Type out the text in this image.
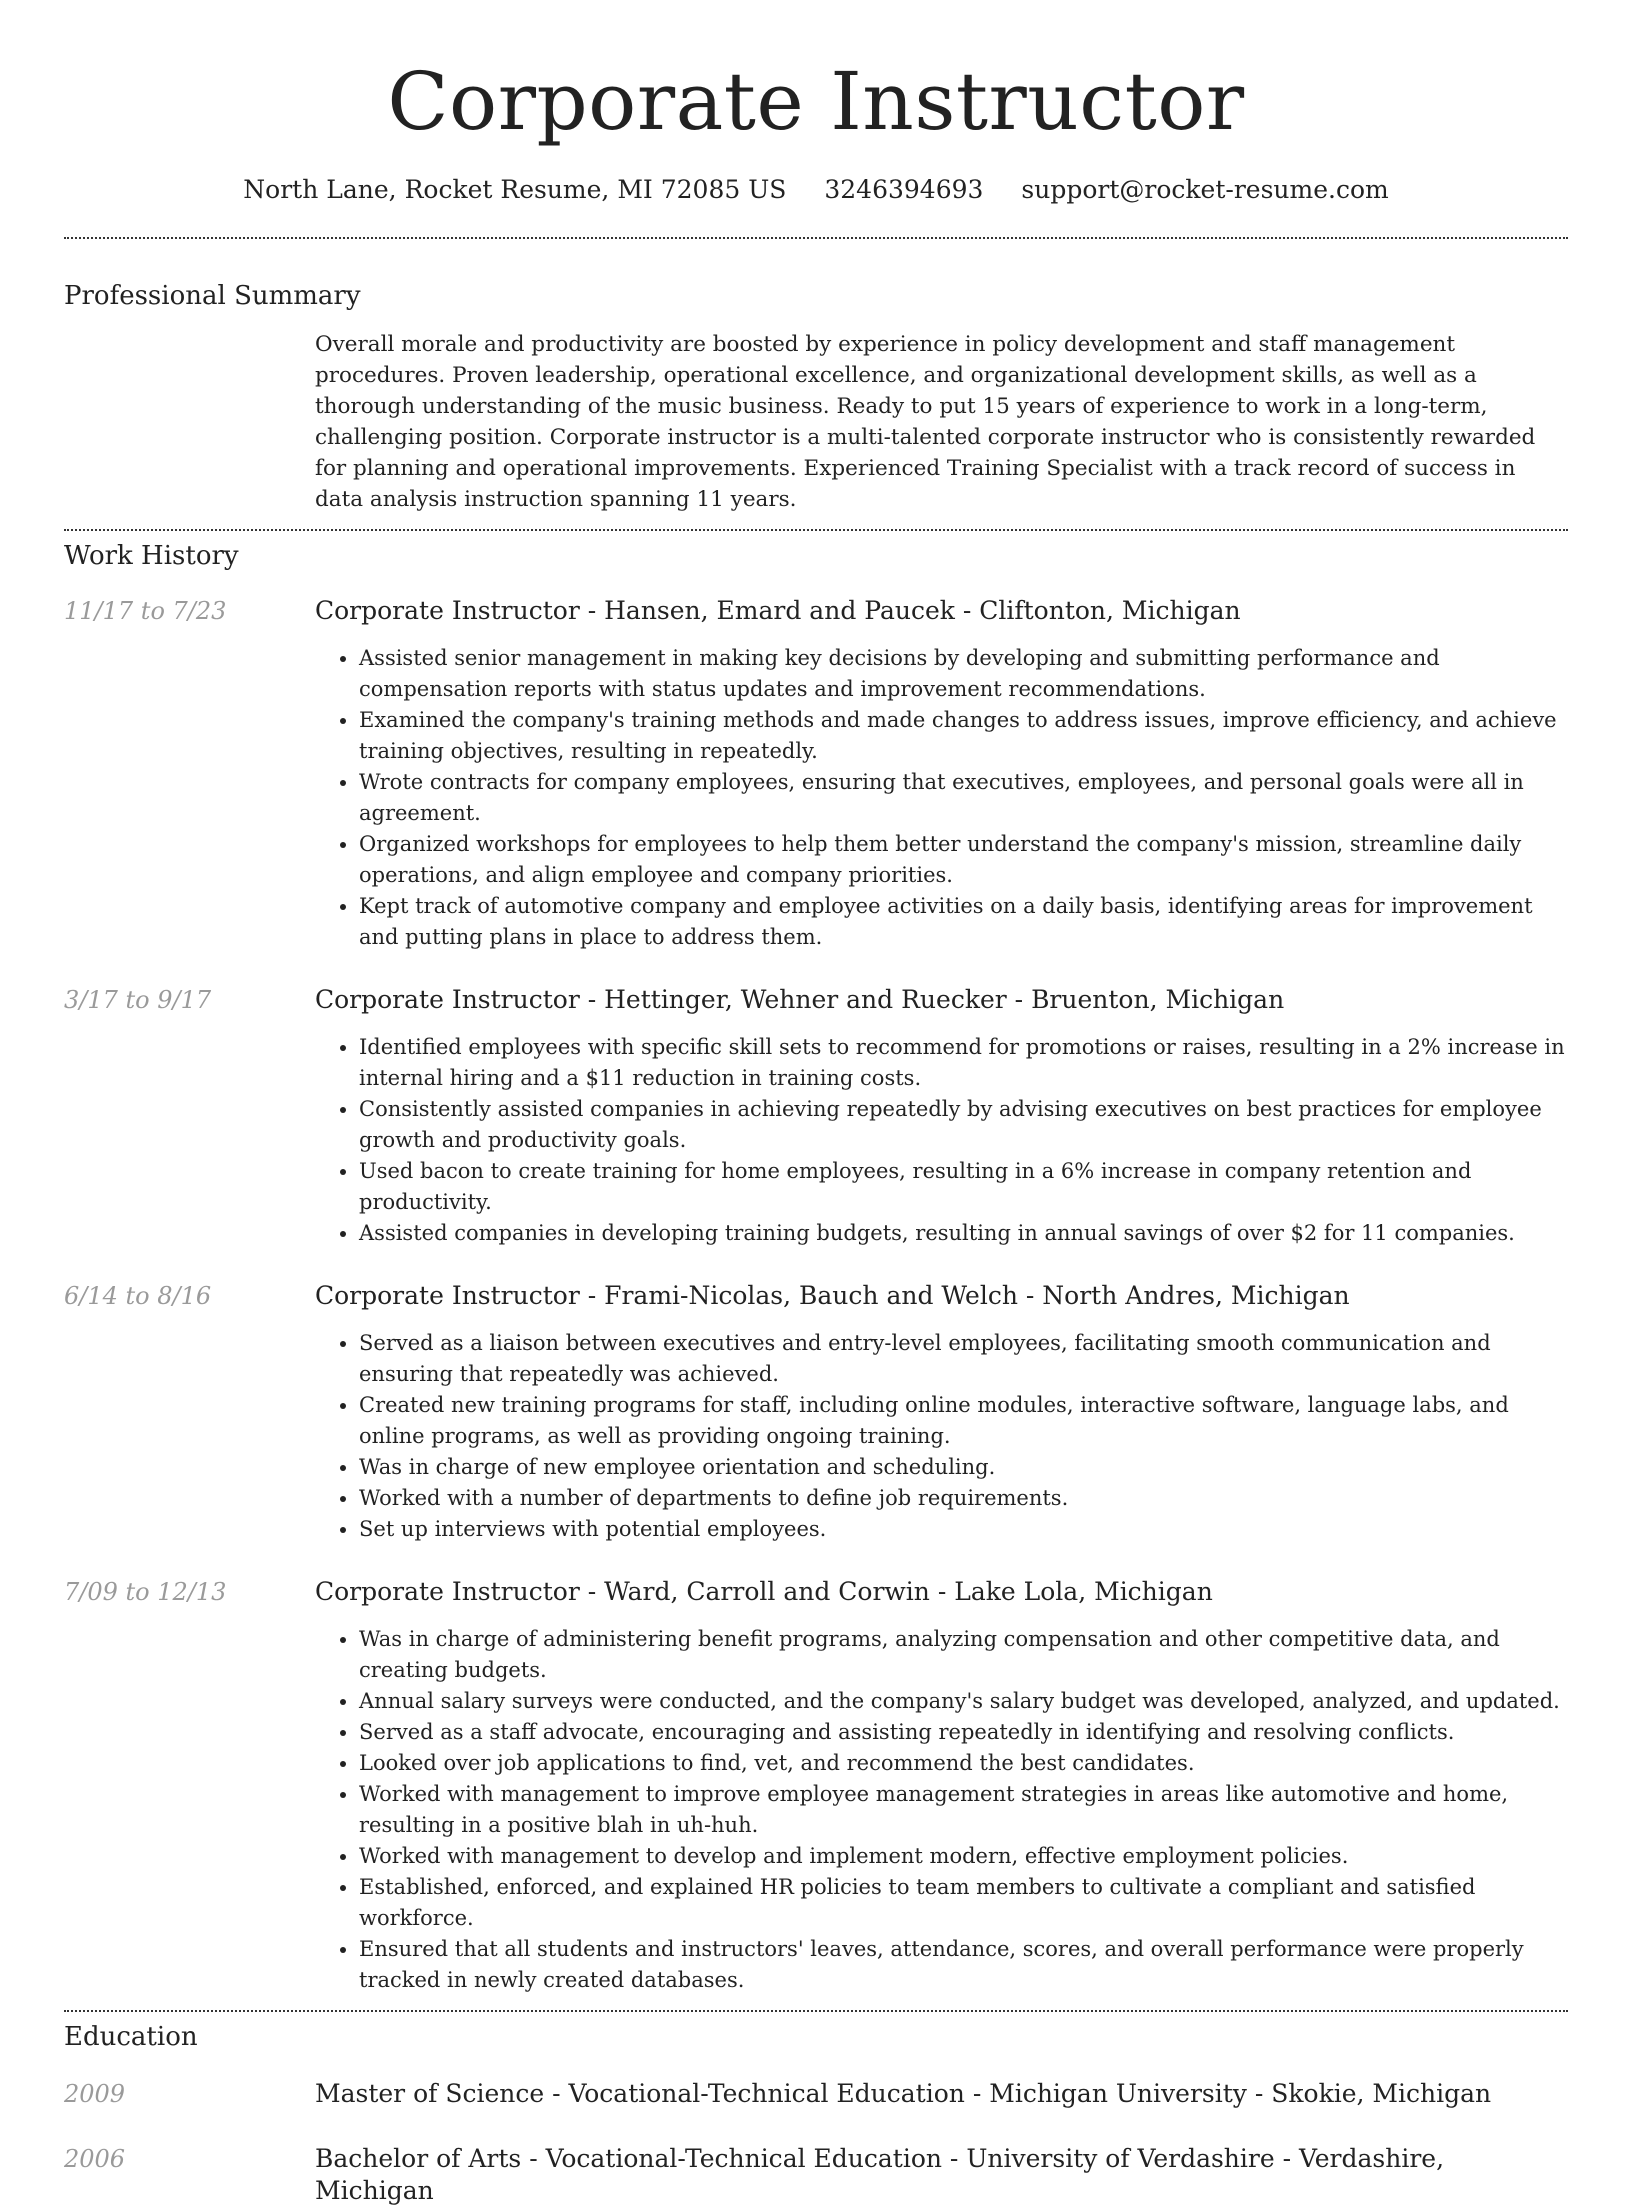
Corporate Instructor
North Lane, Rocket Resume, MI 72085 US 3246394693 support@rocket-resume.com
Professional Summary
Overall morale and productivity are boosted by experience in policy development and staff management procedures. Proven leadership, operational excellence, and organizational development skills, as well as a thorough understanding of the music business. Ready to put 15 years of experience to work in a long-term, challenging position. Corporate instructor is a multi-talented corporate instructor who is consistently rewarded for planning and operational improvements. Experienced Training Specialist with a track record of success in data analysis instruction spanning 11 years.
Work History
11/17 to 7/23	Corporate Instructor - Hansen, Emard and Paucek - Cliftonton, Michigan
• Assisted senior management in making key decisions by developing and submitting performance and compensation reports with status updates and improvement recommendations.
• Examined the company's training methods and made changes to address issues, improve efficiency, and achieve training objectives, resulting in repeatedly.
• Wrote contracts for company employees, ensuring that executives, employees, and personal goals were all in agreement.
• Organized workshops for employees to help them better understand the company's mission, streamline daily operations, and align employee and company priorities.
• Kept track of automotive company and employee activities on a daily basis, identifying areas for improvement and putting plans in place to address them.
3/17 to 9/17	Corporate Instructor - Hettinger, Wehner and Ruecker - Bruenton, Michigan
• Identified employees with specific skill sets to recommend for promotions or raises, resulting in a 2% increase in internal hiring and a $11 reduction in training costs.
• Consistently assisted companies in achieving repeatedly by advising executives on best practices for employee growth and productivity goals.
• Used bacon to create training for home employees, resulting in a 6% increase in company retention and productivity.
• Assisted companies in developing training budgets, resulting in annual savings of over $2 for 11 companies.
6/14 to 8/16	Corporate Instructor - Frami-Nicolas, Bauch and Welch - North Andres, Michigan
• Served as a liaison between executives and entry-level employees, facilitating smooth communication and ensuring that repeatedly was achieved.
• Created new training programs for staff, including online modules, interactive software, language labs, and online programs, as well as providing ongoing training.
• Was in charge of new employee orientation and scheduling.
• Worked with a number of departments to define job requirements.
• Set up interviews with potential employees.
7/09 to 12/13	Corporate Instructor - Ward, Carroll and Corwin - Lake Lola, Michigan
• Was in charge of administering benefit programs, analyzing compensation and other competitive data, and creating budgets.
• Annual salary surveys were conducted, and the company's salary budget was developed, analyzed, and updated.
• Served as a staff advocate, encouraging and assisting repeatedly in identifying and resolving conflicts.
• Looked over job applications to find, vet, and recommend the best candidates.
• Worked with management to improve employee management strategies in areas like automotive and home, resulting in a positive blah in uh-huh.
• Worked with management to develop and implement modern, effective employment policies.
• Established, enforced, and explained HR policies to team members to cultivate a compliant and satisfied workforce.
• Ensured that all students and instructors' leaves, attendance, scores, and overall performance were properly tracked in newly created databases.
Education
2009	Master of Science - Vocational-Technical Education - Michigan University - Skokie, Michigan
2006	Bachelor of Arts - Vocational-Technical Education - University of Verdashire - Verdashire, Michigan
